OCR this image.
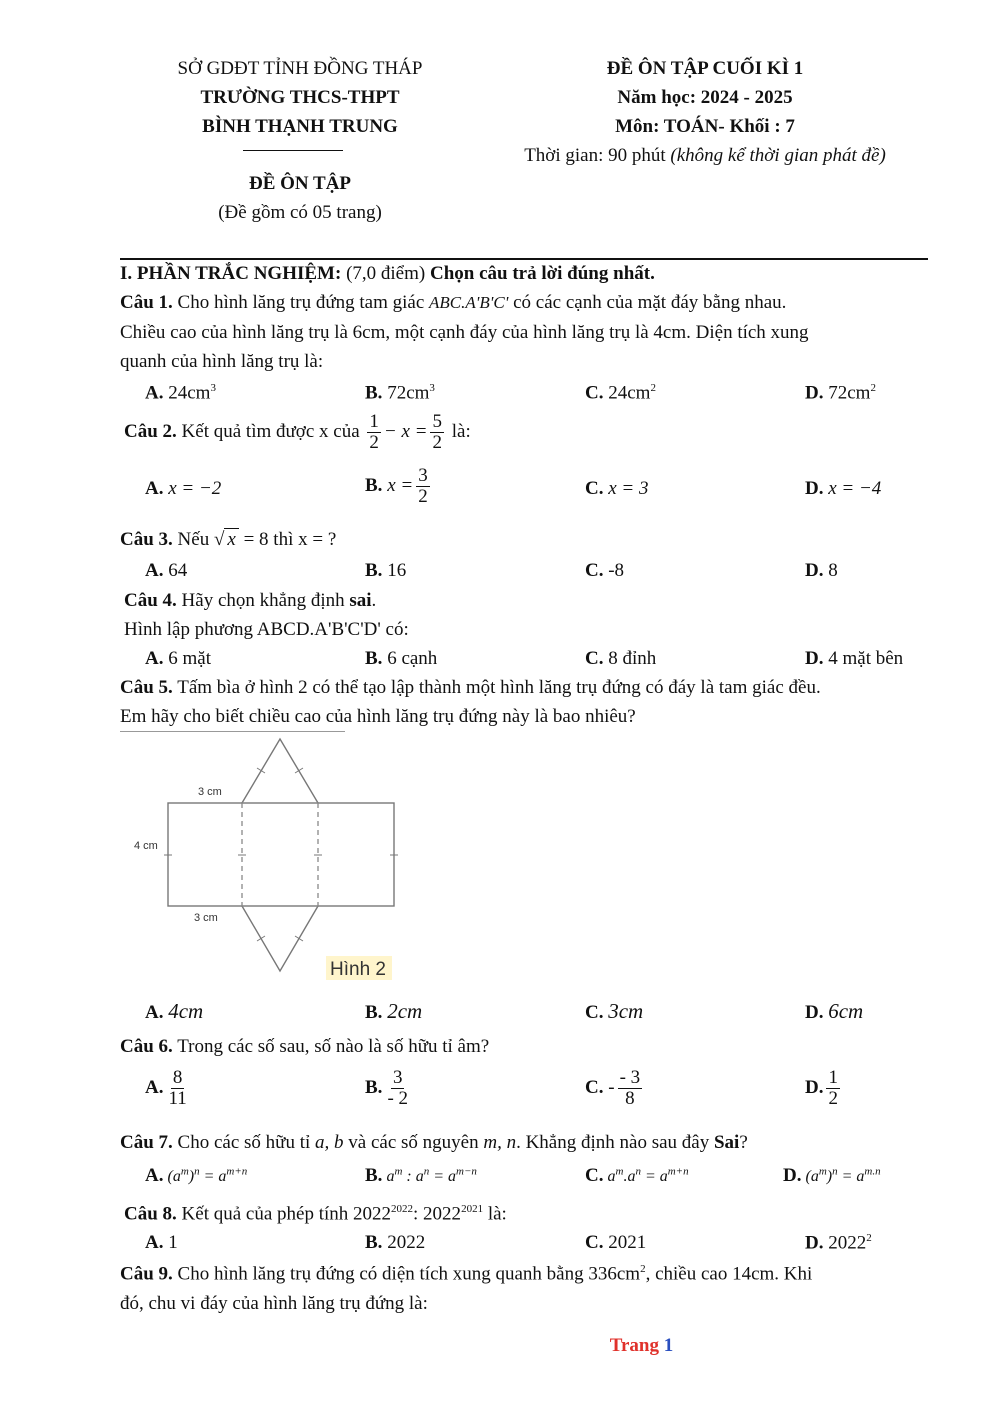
SỞ GDĐT TỈNH ĐỒNG THÁP
TRƯỜNG THCS-THPT
BÌNH THẠNH TRUNG
ĐỀ ÔN TẬP
(Đề gồm có 05 trang)
ĐỀ ÔN TẬP CUỐI KÌ 1
Năm học: 2024 - 2025
Môn: TOÁN- Khối : 7
Thời gian: 90 phút (không kể thời gian phát đề)
I. PHẦN TRẮC NGHIỆM: (7,0 điểm) Chọn câu trả lời đúng nhất.
Câu 1. Cho hình lăng trụ đứng tam giác ABC.A'B'C' có các cạnh của mặt đáy bằng nhau.
Chiều cao của hình lăng trụ là 6cm, một cạnh đáy của hình lăng trụ là 4cm. Diện tích xung
quanh của hình lăng trụ là:
A. $24cm^3$	B. $72cm^3$	C. $24cm^2$	D. $72cm^2$
Câu 2. Kết quả tìm được x của $\frac{1}{2} - x = \frac{5}{2}$ là:
A. x = −2	B. $x = \frac{3}{2}$	C. x = 3	D. x = −4
Câu 3. Nếu √ x = 8 thì x = ?
A. 64	B. 16	C. -8	D. 8
Câu 4. Hãy chọn khẳng định sai.
Hình lập phương ABCD.A'B'C'D' có:
A. 6 mặt	B. 6 cạnh	C. 8 đỉnh	D. 4 mặt bên
Câu 5. Tấm bìa ở hình 2 có thể tạo lập thành một hình lăng trụ đứng có đáy là tam giác đều.
Em hãy cho biết chiều cao của hình lăng trụ đứng này là bao nhiêu?
3 cm
4 cm
3 cm
Hình 2
A. 4cm	B. 2cm	C. 3cm	D. 6cm
Câu 6. Trong các số sau, số nào là số hữu tỉ âm?
A. $\frac{8}{11}$	B. $\frac{3}{- 2}$	C. - $\frac{- 3}{8}$	D. $\frac{1}{2}$
Câu 7. Cho các số hữu tỉ a, b và các số nguyên m, n. Khẳng định nào sau đây Sai?
A. $(a^m)^n = a^{m+n}$	B. $a^m$ : $a^n = a^{m-n}$	C. $a^m.a^n = a^{m+n}$	D. $(a^m)^n = a^{m.n}$
Câu 8. Kết quả của phép tính $2022^{2022}$: $2022^{2021}$ là:
A. 1	B. 2022	C. 2021	D. 2022$^2$
Câu 9. Cho hình lăng trụ đứng có diện tích xung quanh bằng $336cm^2$, chiều cao 14cm. Khi
đó, chu vi đáy của hình lăng trụ đứng là:
Trang 1
